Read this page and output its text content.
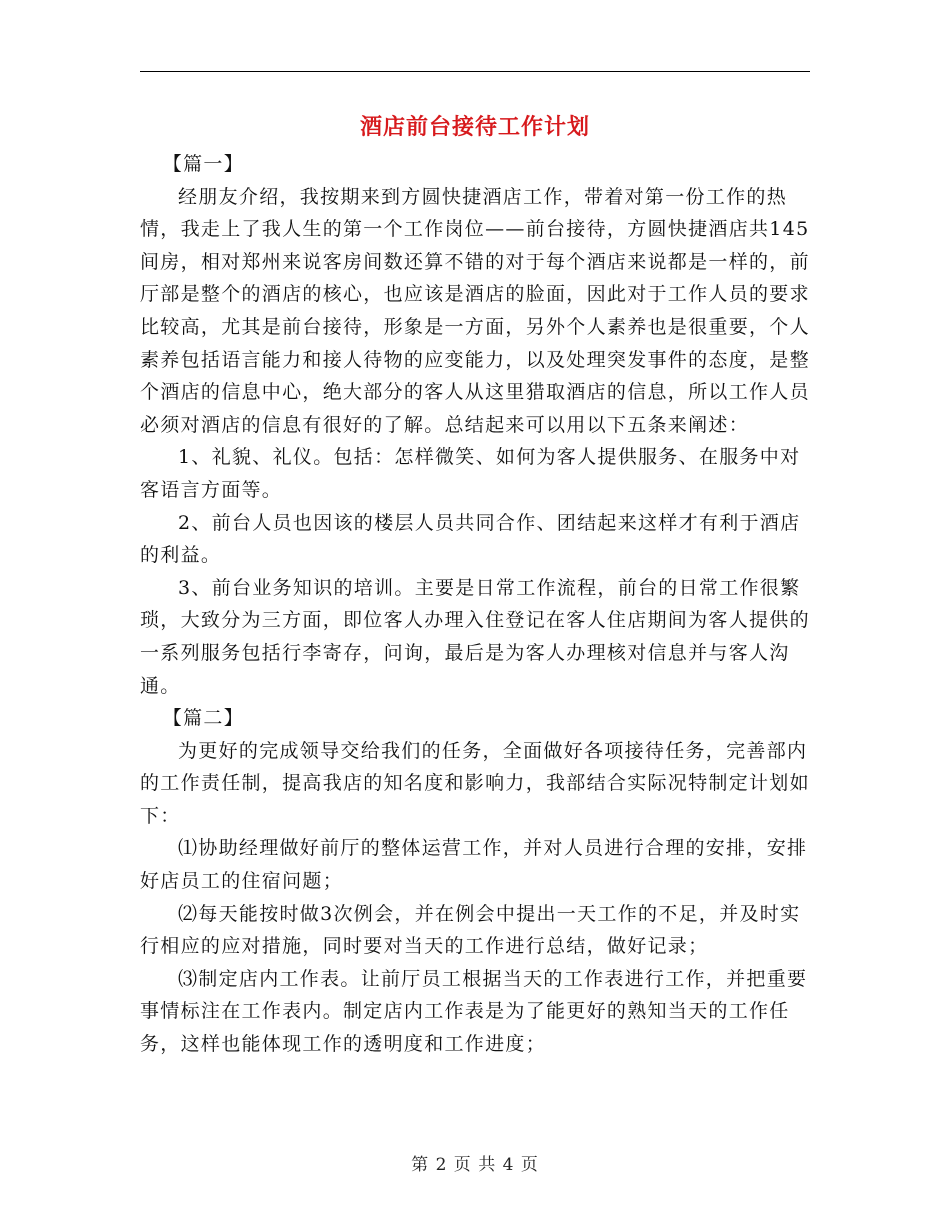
酒店前台接待工作计划

【篇一】

经朋友介绍，我按期来到方圆快捷酒店工作，带着对第一份工作的热情，我走上了我人生的第一个工作岗位——前台接待，方圆快捷酒店共145间房，相对郑州来说客房间数还算不错的对于每个酒店来说都是一样的，前厅部是整个的酒店的核心，也应该是酒店的脸面，因此对于工作人员的要求比较高，尤其是前台接待，形象是一方面，另外个人素养也是很重要，个人素养包括语言能力和接人待物的应变能力，以及处理突发事件的态度，是整个酒店的信息中心，绝大部分的客人从这里猎取酒店的信息，所以工作人员必须对酒店的信息有很好的了解。总结起来可以用以下五条来阐述：

1、礼貌、礼仪。包括：怎样微笑、如何为客人提供服务、在服务中对客语言方面等。

2、前台人员也因该的楼层人员共同合作、团结起来这样才有利于酒店的利益。

3、前台业务知识的培训。主要是日常工作流程，前台的日常工作很繁琐，大致分为三方面，即位客人办理入住登记在客人住店期间为客人提供的一系列服务包括行李寄存，问询，最后是为客人办理核对信息并与客人沟通。

【篇二】

为更好的完成领导交给我们的任务，全面做好各项接待任务，完善部内的工作责任制，提高我店的知名度和影响力，我部结合实际况特制定计划如下：

⑴协助经理做好前厅的整体运营工作，并对人员进行合理的安排，安排好店员工的住宿问题；

⑵每天能按时做3次例会，并在例会中提出一天工作的不足，并及时实行相应的应对措施，同时要对当天的工作进行总结，做好记录；

⑶制定店内工作表。让前厅员工根据当天的工作表进行工作，并把重要事情标注在工作表内。制定店内工作表是为了能更好的熟知当天的工作任务，这样也能体现工作的透明度和工作进度；

第 2 页 共 4 页
